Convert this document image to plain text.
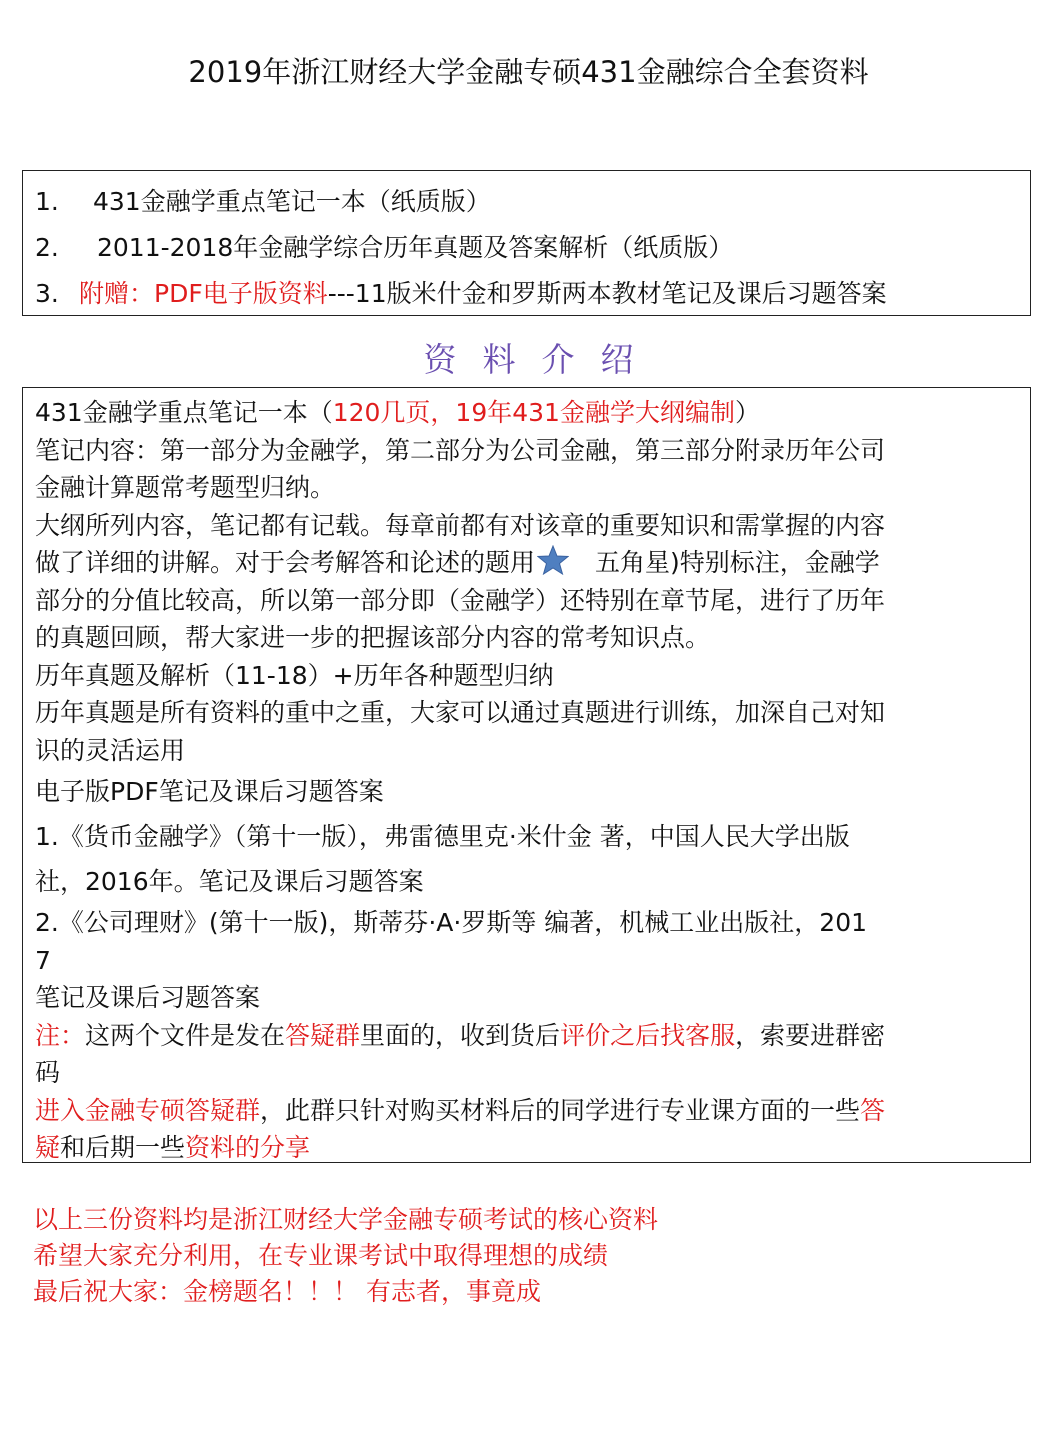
2019年浙江财经大学金融专硕431金融综合全套资料
1. 431金融学重点笔记一本（纸质版）
2. 2011-2018年金融学综合历年真题及答案解析（纸质版）
3. 附赠：PDF电子版资料---11版米什金和罗斯两本教材笔记及课后习题答案
资料介绍
431金融学重点笔记一本（120几页，19年431金融学大纲编制）
笔记内容：第一部分为金融学，第二部分为公司金融，第三部分附录历年公司
金融计算题常考题型归纳。
大纲所列内容，笔记都有记载。每章前都有对该章的重要知识和需掌握的内容
做了详细的讲解。对于会考解答和论述的题用 五角星)特别标注，金融学
部分的分值比较高，所以第一部分即（金融学）还特别在章节尾，进行了历年
的真题回顾，帮大家进一步的把握该部分内容的常考知识点。
历年真题及解析（11-18）+历年各种题型归纳
历年真题是所有资料的重中之重，大家可以通过真题进行训练，加深自己对知
识的灵活运用
电子版PDF笔记及课后习题答案
1.《货币金融学》（第十一版），弗雷德里克·米什金 著，中国人民大学出版
社，2016年。笔记及课后习题答案
2.《公司理财》(第十一版)，斯蒂芬·A·罗斯等 编著，机械工业出版社，201
7
笔记及课后习题答案
注：这两个文件是发在答疑群里面的，收到货后评价之后找客服，索要进群密
码
进入金融专硕答疑群，此群只针对购买材料后的同学进行专业课方面的一些答
疑和后期一些资料的分享
以上三份资料均是浙江财经大学金融专硕考试的核心资料
希望大家充分利用，在专业课考试中取得理想的成绩
最后祝大家：金榜题名！！！ 有志者，事竟成
